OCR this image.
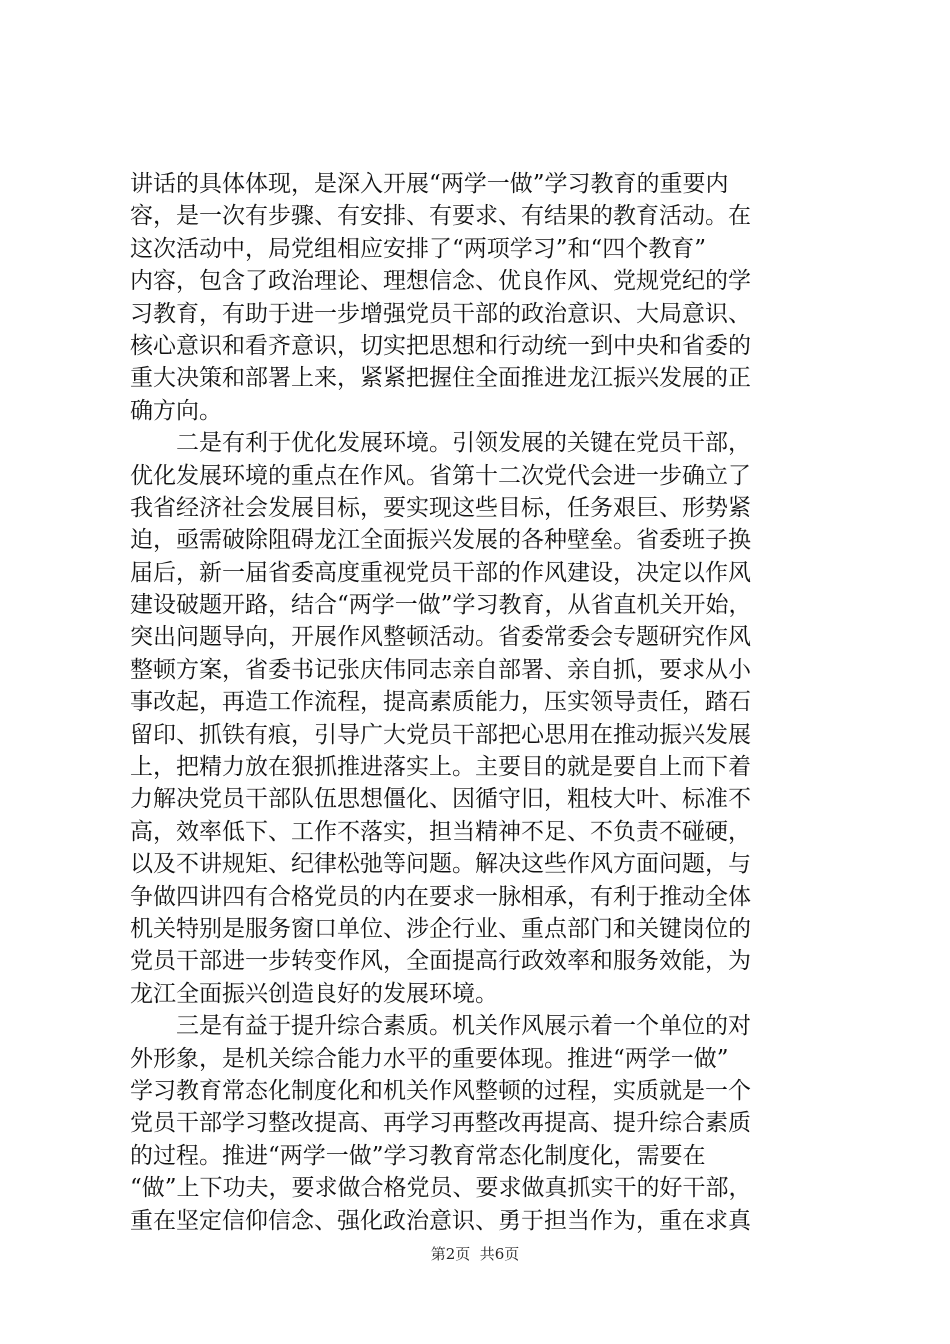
讲话的具体体现，是深入开展“两学一做”学习教育的重要内
容，是一次有步骤、有安排、有要求、有结果的教育活动。在
这次活动中，局党组相应安排了“两项学习”和“四个教育”
内容，包含了政治理论、理想信念、优良作风、党规党纪的学
习教育，有助于进一步增强党员干部的政治意识、大局意识、
核心意识和看齐意识，切实把思想和行动统一到中央和省委的
重大决策和部署上来，紧紧把握住全面推进龙江振兴发展的正
确方向。
　　二是有利于优化发展环境。引领发展的关键在党员干部，
优化发展环境的重点在作风。省第十二次党代会进一步确立了
我省经济社会发展目标，要实现这些目标，任务艰巨、形势紧
迫，亟需破除阻碍龙江全面振兴发展的各种壁垒。省委班子换
届后，新一届省委高度重视党员干部的作风建设，决定以作风
建设破题开路，结合“两学一做”学习教育，从省直机关开始，
突出问题导向，开展作风整顿活动。省委常委会专题研究作风
整顿方案，省委书记张庆伟同志亲自部署、亲自抓，要求从小
事改起，再造工作流程，提高素质能力，压实领导责任，踏石
留印、抓铁有痕，引导广大党员干部把心思用在推动振兴发展
上，把精力放在狠抓推进落实上。主要目的就是要自上而下着
力解决党员干部队伍思想僵化、因循守旧，粗枝大叶、标准不
高，效率低下、工作不落实，担当精神不足、不负责不碰硬，
以及不讲规矩、纪律松弛等问题。解决这些作风方面问题，与
争做四讲四有合格党员的内在要求一脉相承，有利于推动全体
机关特别是服务窗口单位、涉企行业、重点部门和关键岗位的
党员干部进一步转变作风，全面提高行政效率和服务效能，为
龙江全面振兴创造良好的发展环境。
　　三是有益于提升综合素质。机关作风展示着一个单位的对
外形象，是机关综合能力水平的重要体现。推进“两学一做”
学习教育常态化制度化和机关作风整顿的过程，实质就是一个
党员干部学习整改提高、再学习再整改再提高、提升综合素质
的过程。推进“两学一做”学习教育常态化制度化，需要在
“做”上下功夫，要求做合格党员、要求做真抓实干的好干部，
重在坚定信仰信念、强化政治意识、勇于担当作为，重在求真
第2页  共6页
